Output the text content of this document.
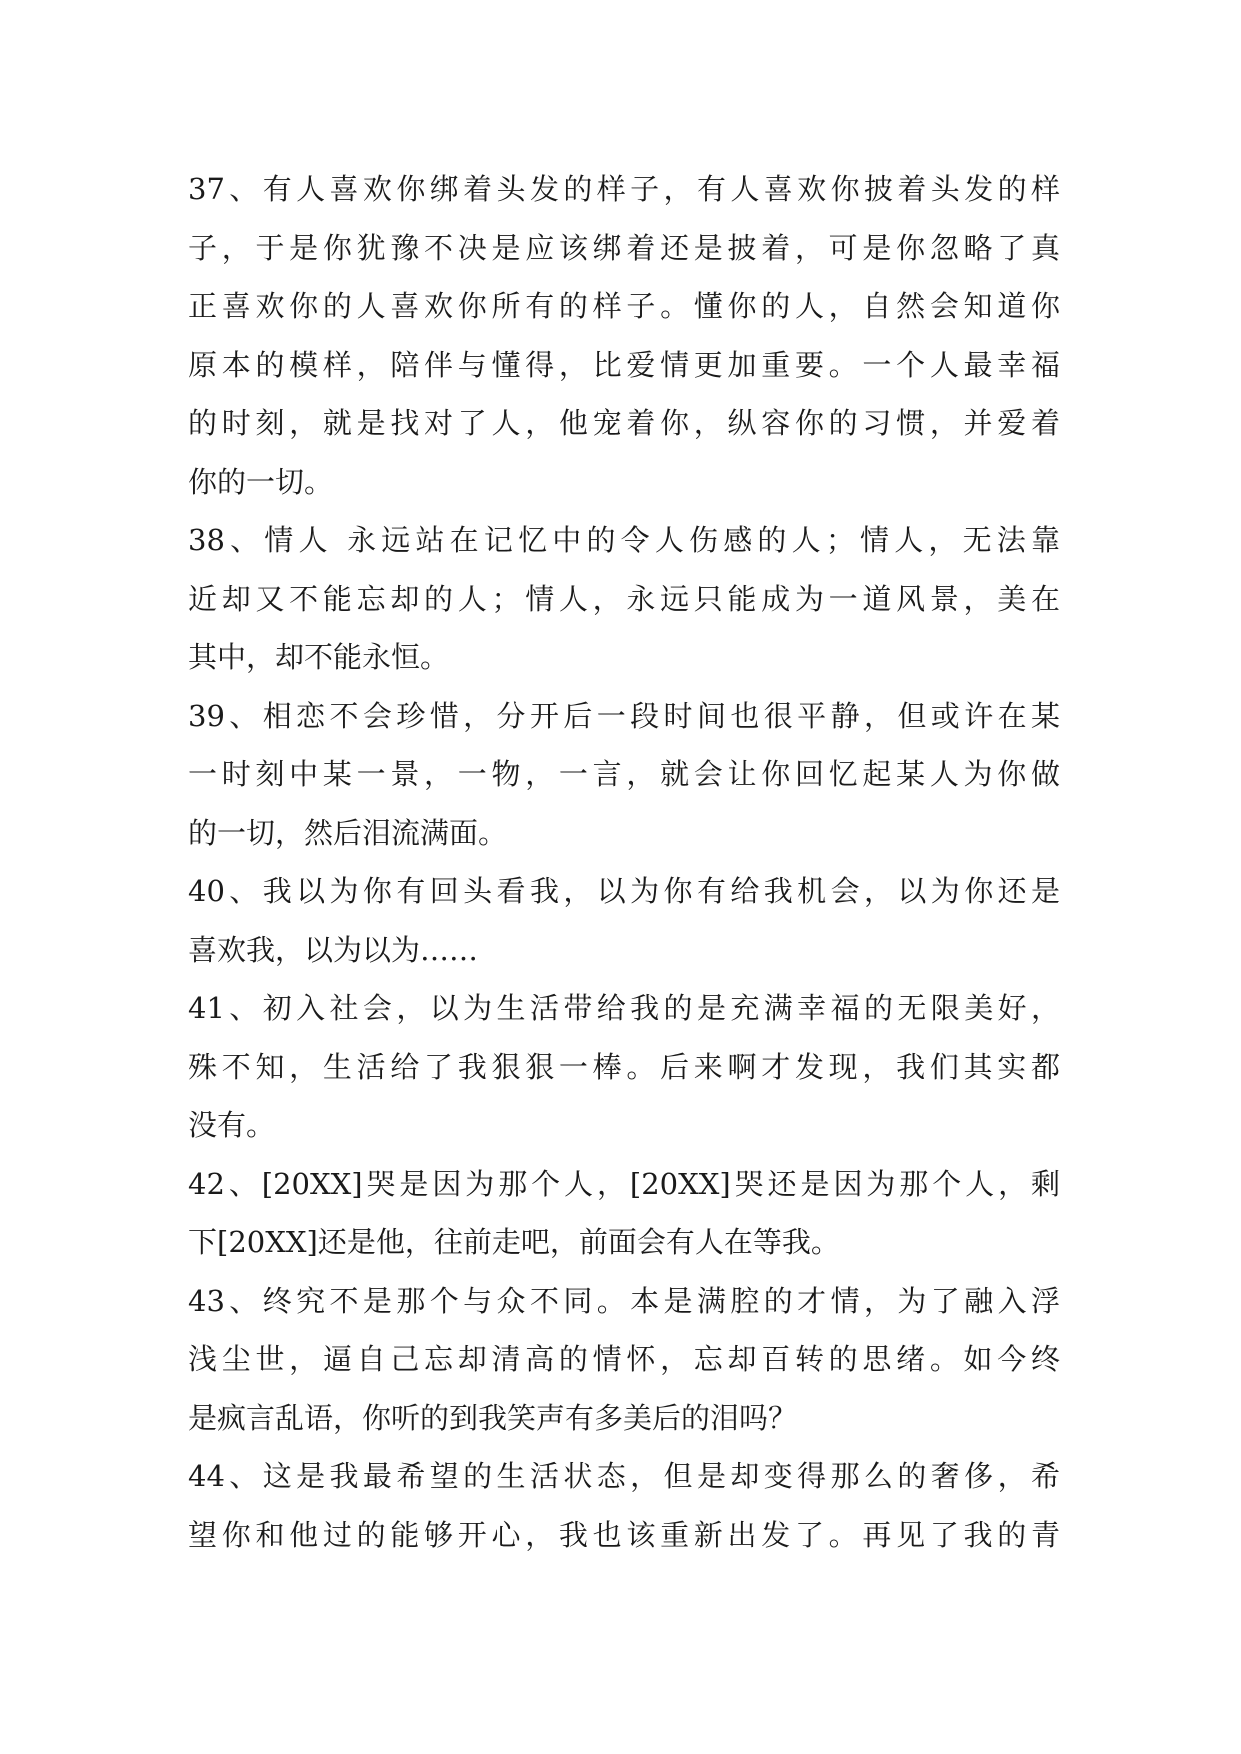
37、有人喜欢你绑着头发的样子，有人喜欢你披着头发的样
子，于是你犹豫不决是应该绑着还是披着，可是你忽略了真
正喜欢你的人喜欢你所有的样子。懂你的人，自然会知道你
原本的模样，陪伴与懂得，比爱情更加重要。一个人最幸福
的时刻，就是找对了人，他宠着你，纵容你的习惯，并爱着
你的一切。
38、情人 永远站在记忆中的令人伤感的人；情人，无法靠
近却又不能忘却的人；情人，永远只能成为一道风景，美在
其中，却不能永恒。
39、相恋不会珍惜，分开后一段时间也很平静，但或许在某
一时刻中某一景，一物，一言，就会让你回忆起某人为你做
的一切，然后泪流满面。
40、我以为你有回头看我，以为你有给我机会，以为你还是
喜欢我，以为以为……
41、初入社会，以为生活带给我的是充满幸福的无限美好，
殊不知，生活给了我狠狠一棒。后来啊才发现，我们其实都
没有。
42、[20XX]哭是因为那个人，[20XX]哭还是因为那个人，剩
下[20XX]还是他，往前走吧，前面会有人在等我。
43、终究不是那个与众不同。本是满腔的才情，为了融入浮
浅尘世，逼自己忘却清高的情怀，忘却百转的思绪。如今终
是疯言乱语，你听的到我笑声有多美后的泪吗？
44、这是我最希望的生活状态，但是却变得那么的奢侈，希
望你和他过的能够开心，我也该重新出发了。再见了我的青
